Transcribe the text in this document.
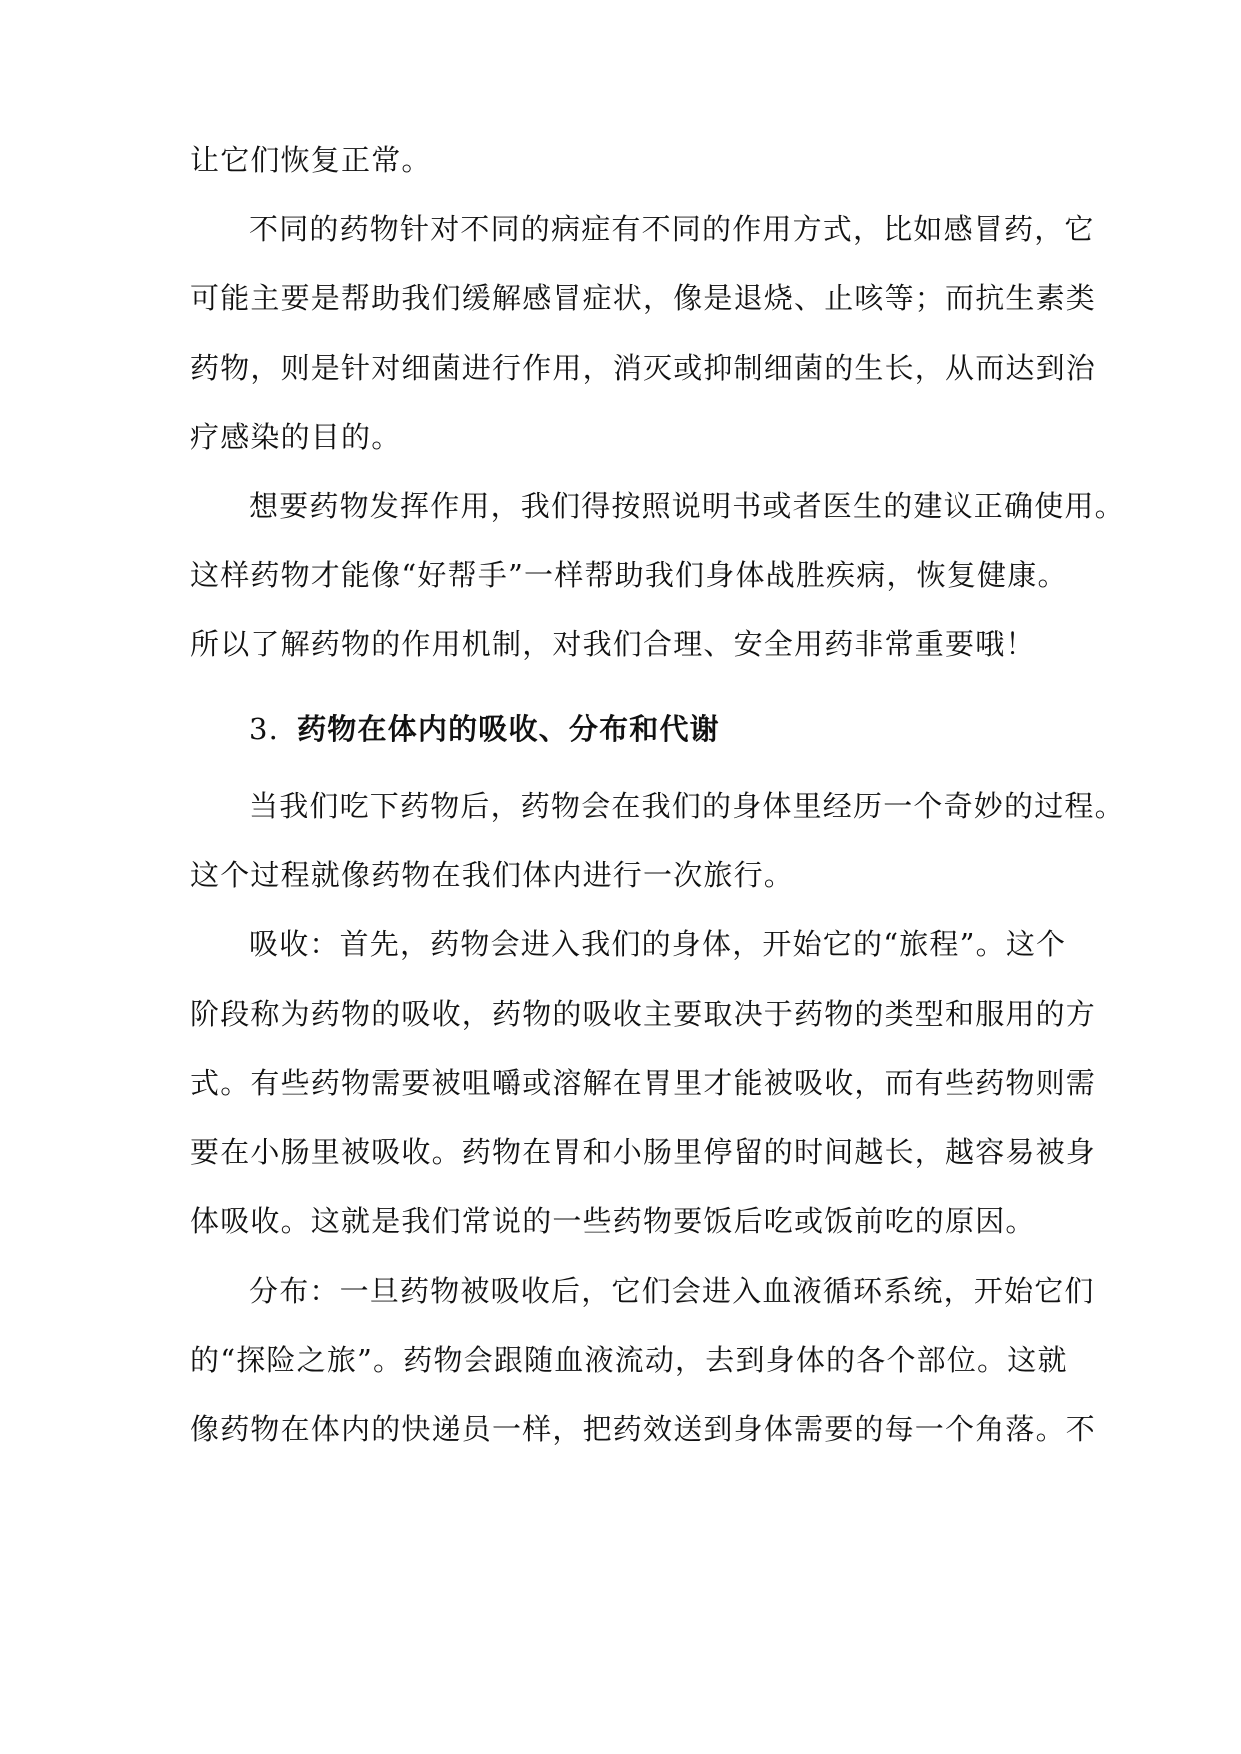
让它们恢复正常。
不同的药物针对不同的病症有不同的作用方式，比如感冒药，它
可能主要是帮助我们缓解感冒症状，像是退烧、止咳等；而抗生素类
药物，则是针对细菌进行作用，消灭或抑制细菌的生长，从而达到治
疗感染的目的。
想要药物发挥作用，我们得按照说明书或者医生的建议正确使用。
这样药物才能像“好帮手”一样帮助我们身体战胜疾病，恢复健康。
所以了解药物的作用机制，对我们合理、安全用药非常重要哦！
3. 药物在体内的吸收、分布和代谢
当我们吃下药物后，药物会在我们的身体里经历一个奇妙的过程。
这个过程就像药物在我们体内进行一次旅行。
吸收：首先，药物会进入我们的身体，开始它的“旅程”。这个
阶段称为药物的吸收，药物的吸收主要取决于药物的类型和服用的方
式。有些药物需要被咀嚼或溶解在胃里才能被吸收，而有些药物则需
要在小肠里被吸收。药物在胃和小肠里停留的时间越长，越容易被身
体吸收。这就是我们常说的一些药物要饭后吃或饭前吃的原因。
分布：一旦药物被吸收后，它们会进入血液循环系统，开始它们
的“探险之旅”。药物会跟随血液流动，去到身体的各个部位。这就
像药物在体内的快递员一样，把药效送到身体需要的每一个角落。不
